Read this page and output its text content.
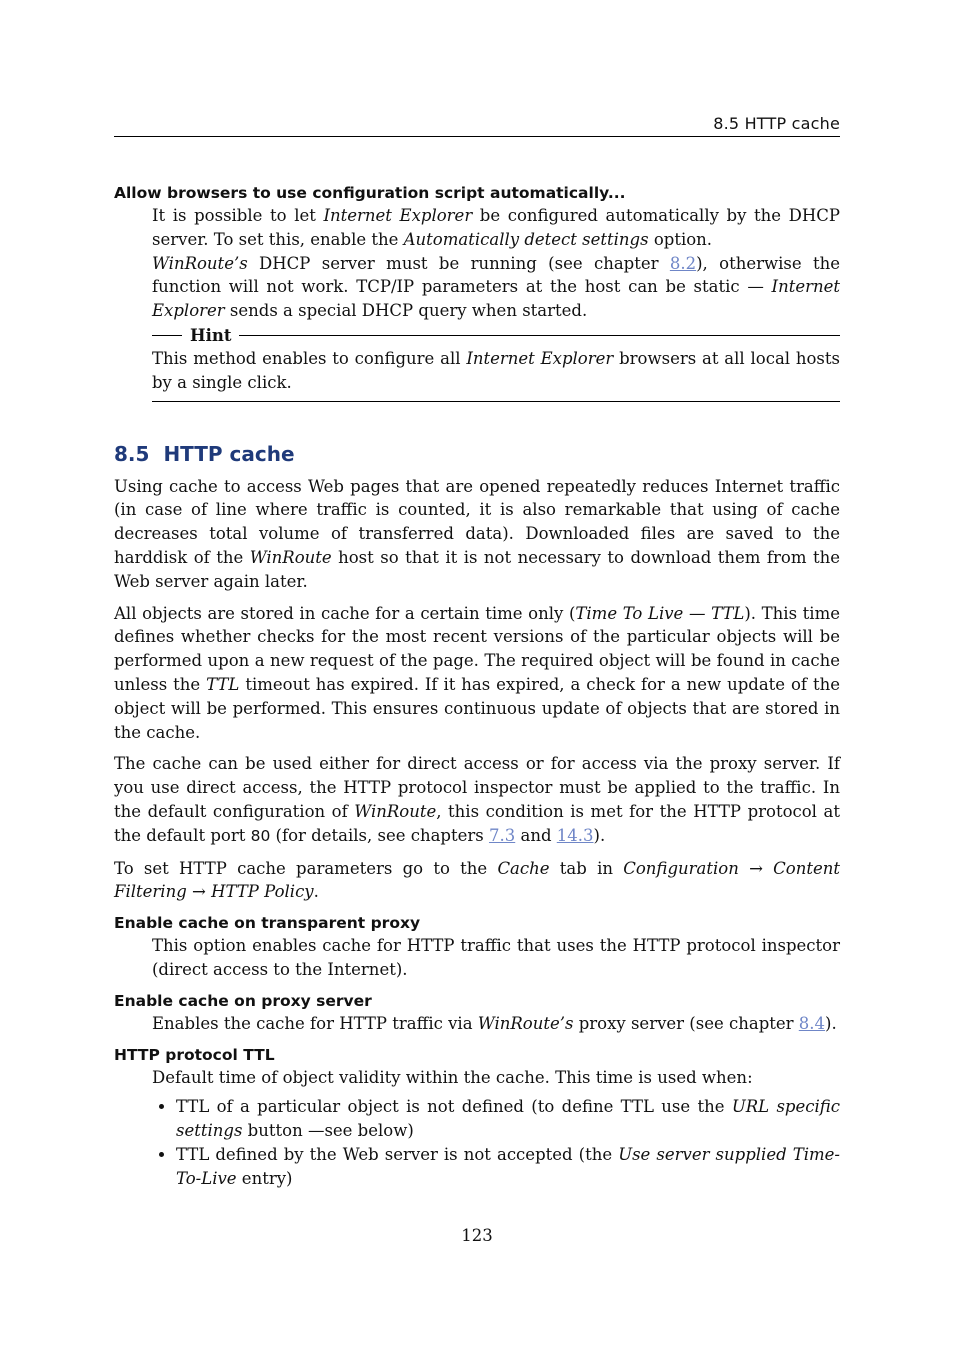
8.5 HTTP cache
Allow browsers to use configuration script automatically...

It is possible to let Internet Explorer be configured automatically by the DHCP server. To set this, enable the Automatically detect settings option.

WinRoute’s DHCP server must be running (see chapter 8.2), otherwise the function will not work. TCP/IP parameters at the host can be static — Internet Explorer sends a special DHCP query when started.

Hint

This method enables to configure all Internet Explorer browsers at all local hosts by a single click.

8.5 HTTP cache

Using cache to access Web pages that are opened repeatedly reduces Internet traffic (in case of line where traffic is counted, it is also remarkable that using of cache decreases total volume of transferred data). Downloaded files are saved to the harddisk of the WinRoute host so that it is not necessary to download them from the Web server again later.

All objects are stored in cache for a certain time only (Time To Live — TTL). This time defines whether checks for the most recent versions of the particular objects will be performed upon a new request of the page. The required object will be found in cache unless the TTL timeout has expired. If it has expired, a check for a new update of the object will be performed. This ensures continuous update of objects that are stored in the cache.

The cache can be used either for direct access or for access via the proxy server. If you use direct access, the HTTP protocol inspector must be applied to the traffic. In the default configuration of WinRoute, this condition is met for the HTTP protocol at the default port 80 (for details, see chapters 7.3 and 14.3).

To set HTTP cache parameters go to the Cache tab in Configuration → Content Filtering → HTTP Policy.

Enable cache on transparent proxy

This option enables cache for HTTP traffic that uses the HTTP protocol inspector (direct access to the Internet).

Enable cache on proxy server

Enables the cache for HTTP traffic via WinRoute’s proxy server (see chapter 8.4).

HTTP protocol TTL

Default time of object validity within the cache. This time is used when:

• TTL of a particular object is not defined (to define TTL use the URL specific settings button —see below)
• TTL defined by the Web server is not accepted (the Use server supplied Time-To-Live entry)
123
